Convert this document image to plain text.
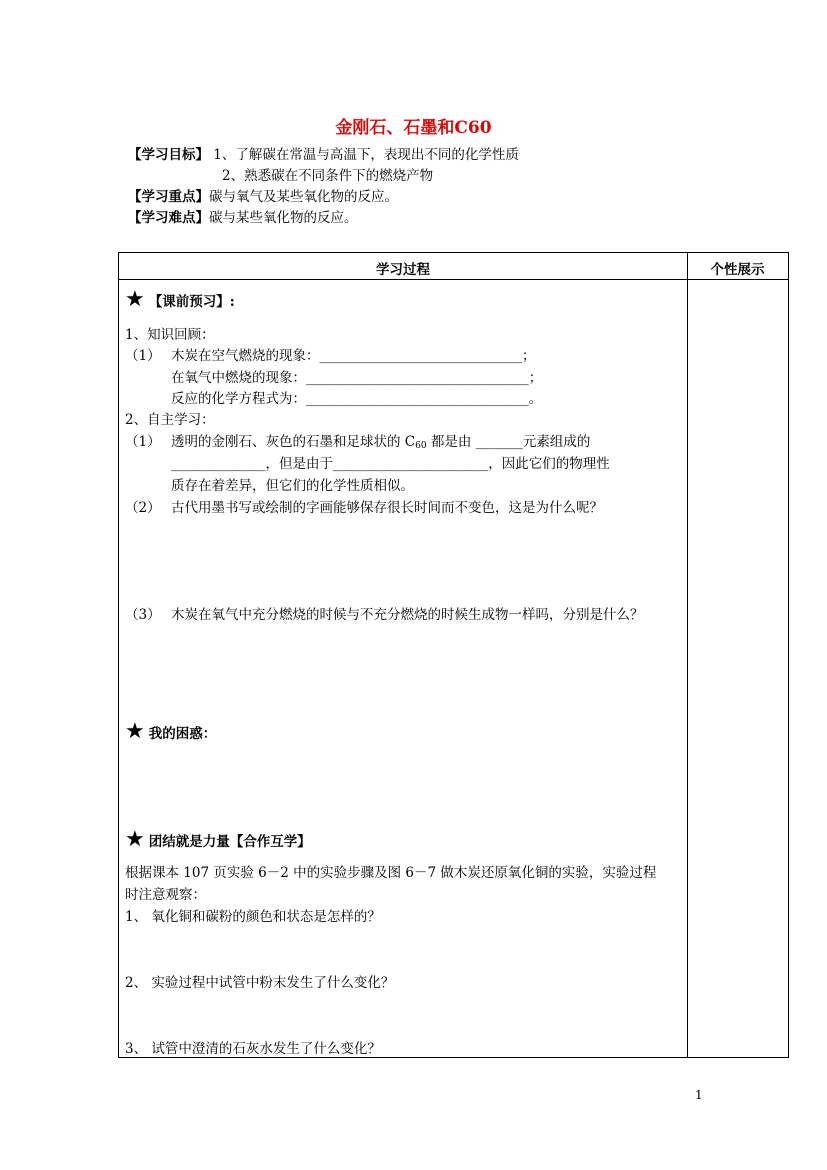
金刚石、石墨和C60
【学习目标】 1、了解碳在常温与高温下，表现出不同的化学性质
2、熟悉碳在不同条件下的燃烧产物
【学习重点】碳与氧气及某些氧化物的反应。
【学习难点】碳与某些氧化物的反应。
学习过程	个性展示
★ 【课前预习】:
1、知识回顾：
（1） 木炭在空气燃烧的现象：______________________________；
在氧气中燃烧的现象：_________________________________；
反应的化学方程式为：_________________________________。
2、自主学习：
（1） 透明的金刚石、灰色的石墨和足球状的 $C_{60}$ 都是由 _______元素组成的
______________，但是由于_______________________，因此它们的物理性
质存在着差异，但它们的化学性质相似。
（2） 古代用墨书写或绘制的字画能够保存很长时间而不变色，这是为什么呢？
（3） 木炭在氧气中充分燃烧的时候与不充分燃烧的时候生成物一样吗，分别是什么？
★ 我的困惑：
★ 团结就是力量【合作互学】
根据课本 107 页实验 6－2 中的实验步骤及图 6－7 做木炭还原氧化铜的实验，实验过程
时注意观察：
1、 氧化铜和碳粉的颜色和状态是怎样的？
2、 实验过程中试管中粉末发生了什么变化？
3、 试管中澄清的石灰水发生了什么变化？
1
